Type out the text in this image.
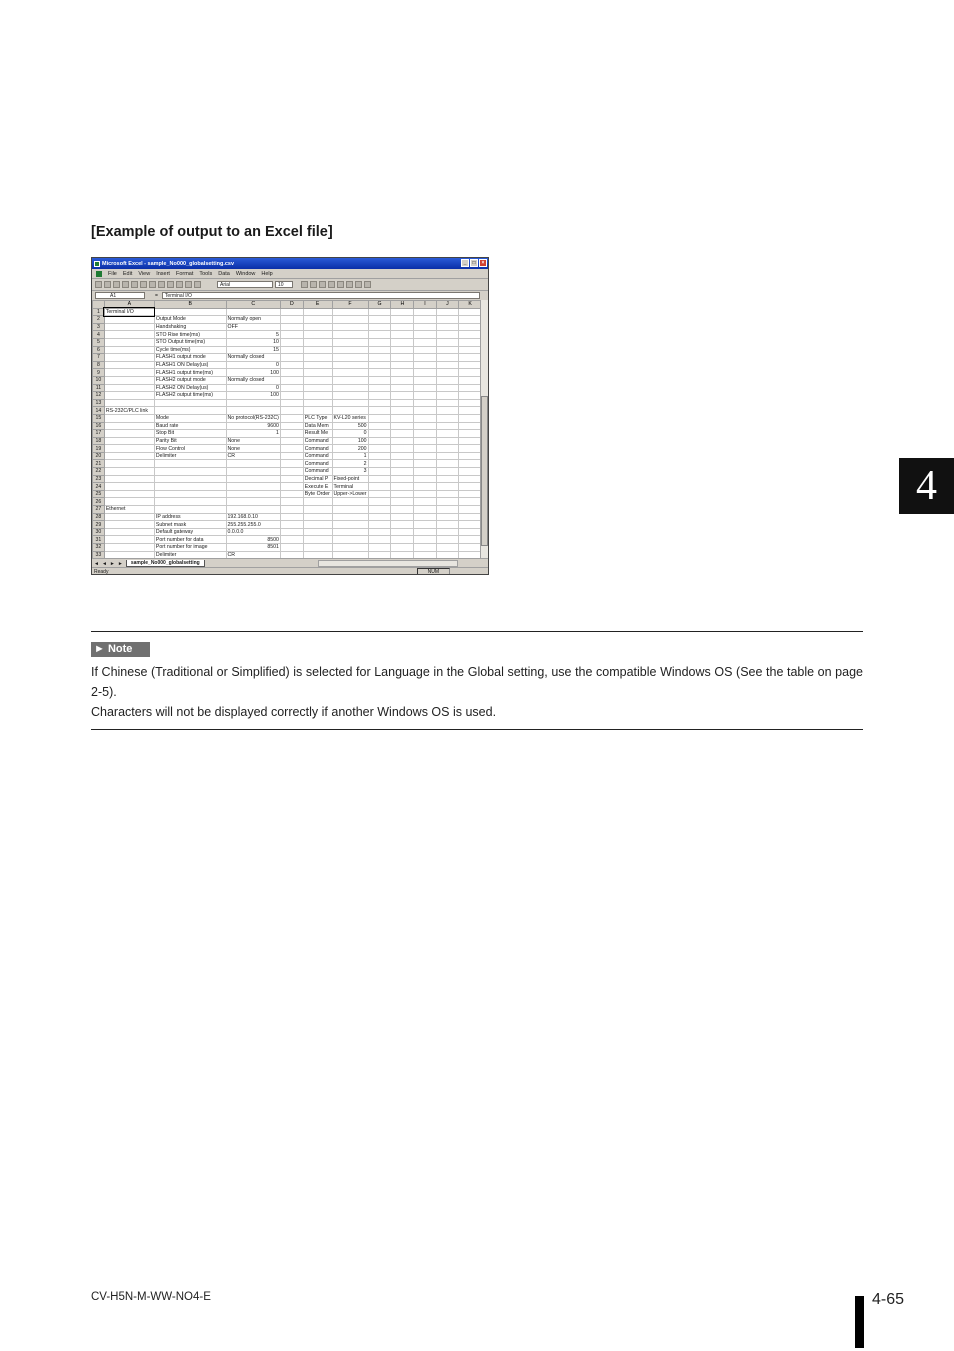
[Example of output to an Excel file]
Microsoft Excel - sample_No000_globalsetting.csv	_	□	×
File Edit View Insert Format Tools Data Window Help
Arial	10
A1	=	Terminal I/O
	A	B	C	D	E	F	G	H	I	J	K
1	Terminal I/O										
2		Output Mode	Normally open								
3		Handshaking	OFF								
4		STO Rise time(ms)	5								
5		STO Output time(ms)	10								
6		Cycle time(ms)	15								
7		FLASH1 output mode	Normally closed								
8		FLASH1 ON Delay(us)	0								
9		FLASH1 output time(ms)	100								
10		FLASH2 output mode	Normally closed								
11		FLASH2 ON Delay(us)	0								
12		FLASH2 output time(ms)	100								
13											
14	RS-232C/PLC link										
15		Mode	No protocol(RS-232C)		PLC Type	KV-L20 series					
16		Baud rate	9600		Data Mem	500					
17		Stop Bit	1		Result Me	0					
18		Parity Bit	None		Command	100					
19		Flow Control	None		Command	200					
20		Delimiter	CR		Command	1					
21					Command	2					
22					Command	3					
23					Decimal P	Fixed-point					
24					Execute E	Terminal					
25					Byte Order	Upper->Lower					
26											
27	Ethernet										
28		IP address	192.168.0.10								
29		Subnet mask	255.255.255.0								
30		Default gateway	0.0.0.0								
31		Port number for data	8500								
32		Port number for image	8501								
33		Delimiter	CR								
◄ ◄ ► ►	sample_No000_globalsetting
Ready	NUM
4
► Note

If Chinese (Traditional or Simplified) is selected for Language in the Global setting, use the compatible Windows OS (See the table on page 2-5).

Characters will not be displayed correctly if another Windows OS is used.

CV-H5N-M-WW-NO4-E	4-65
